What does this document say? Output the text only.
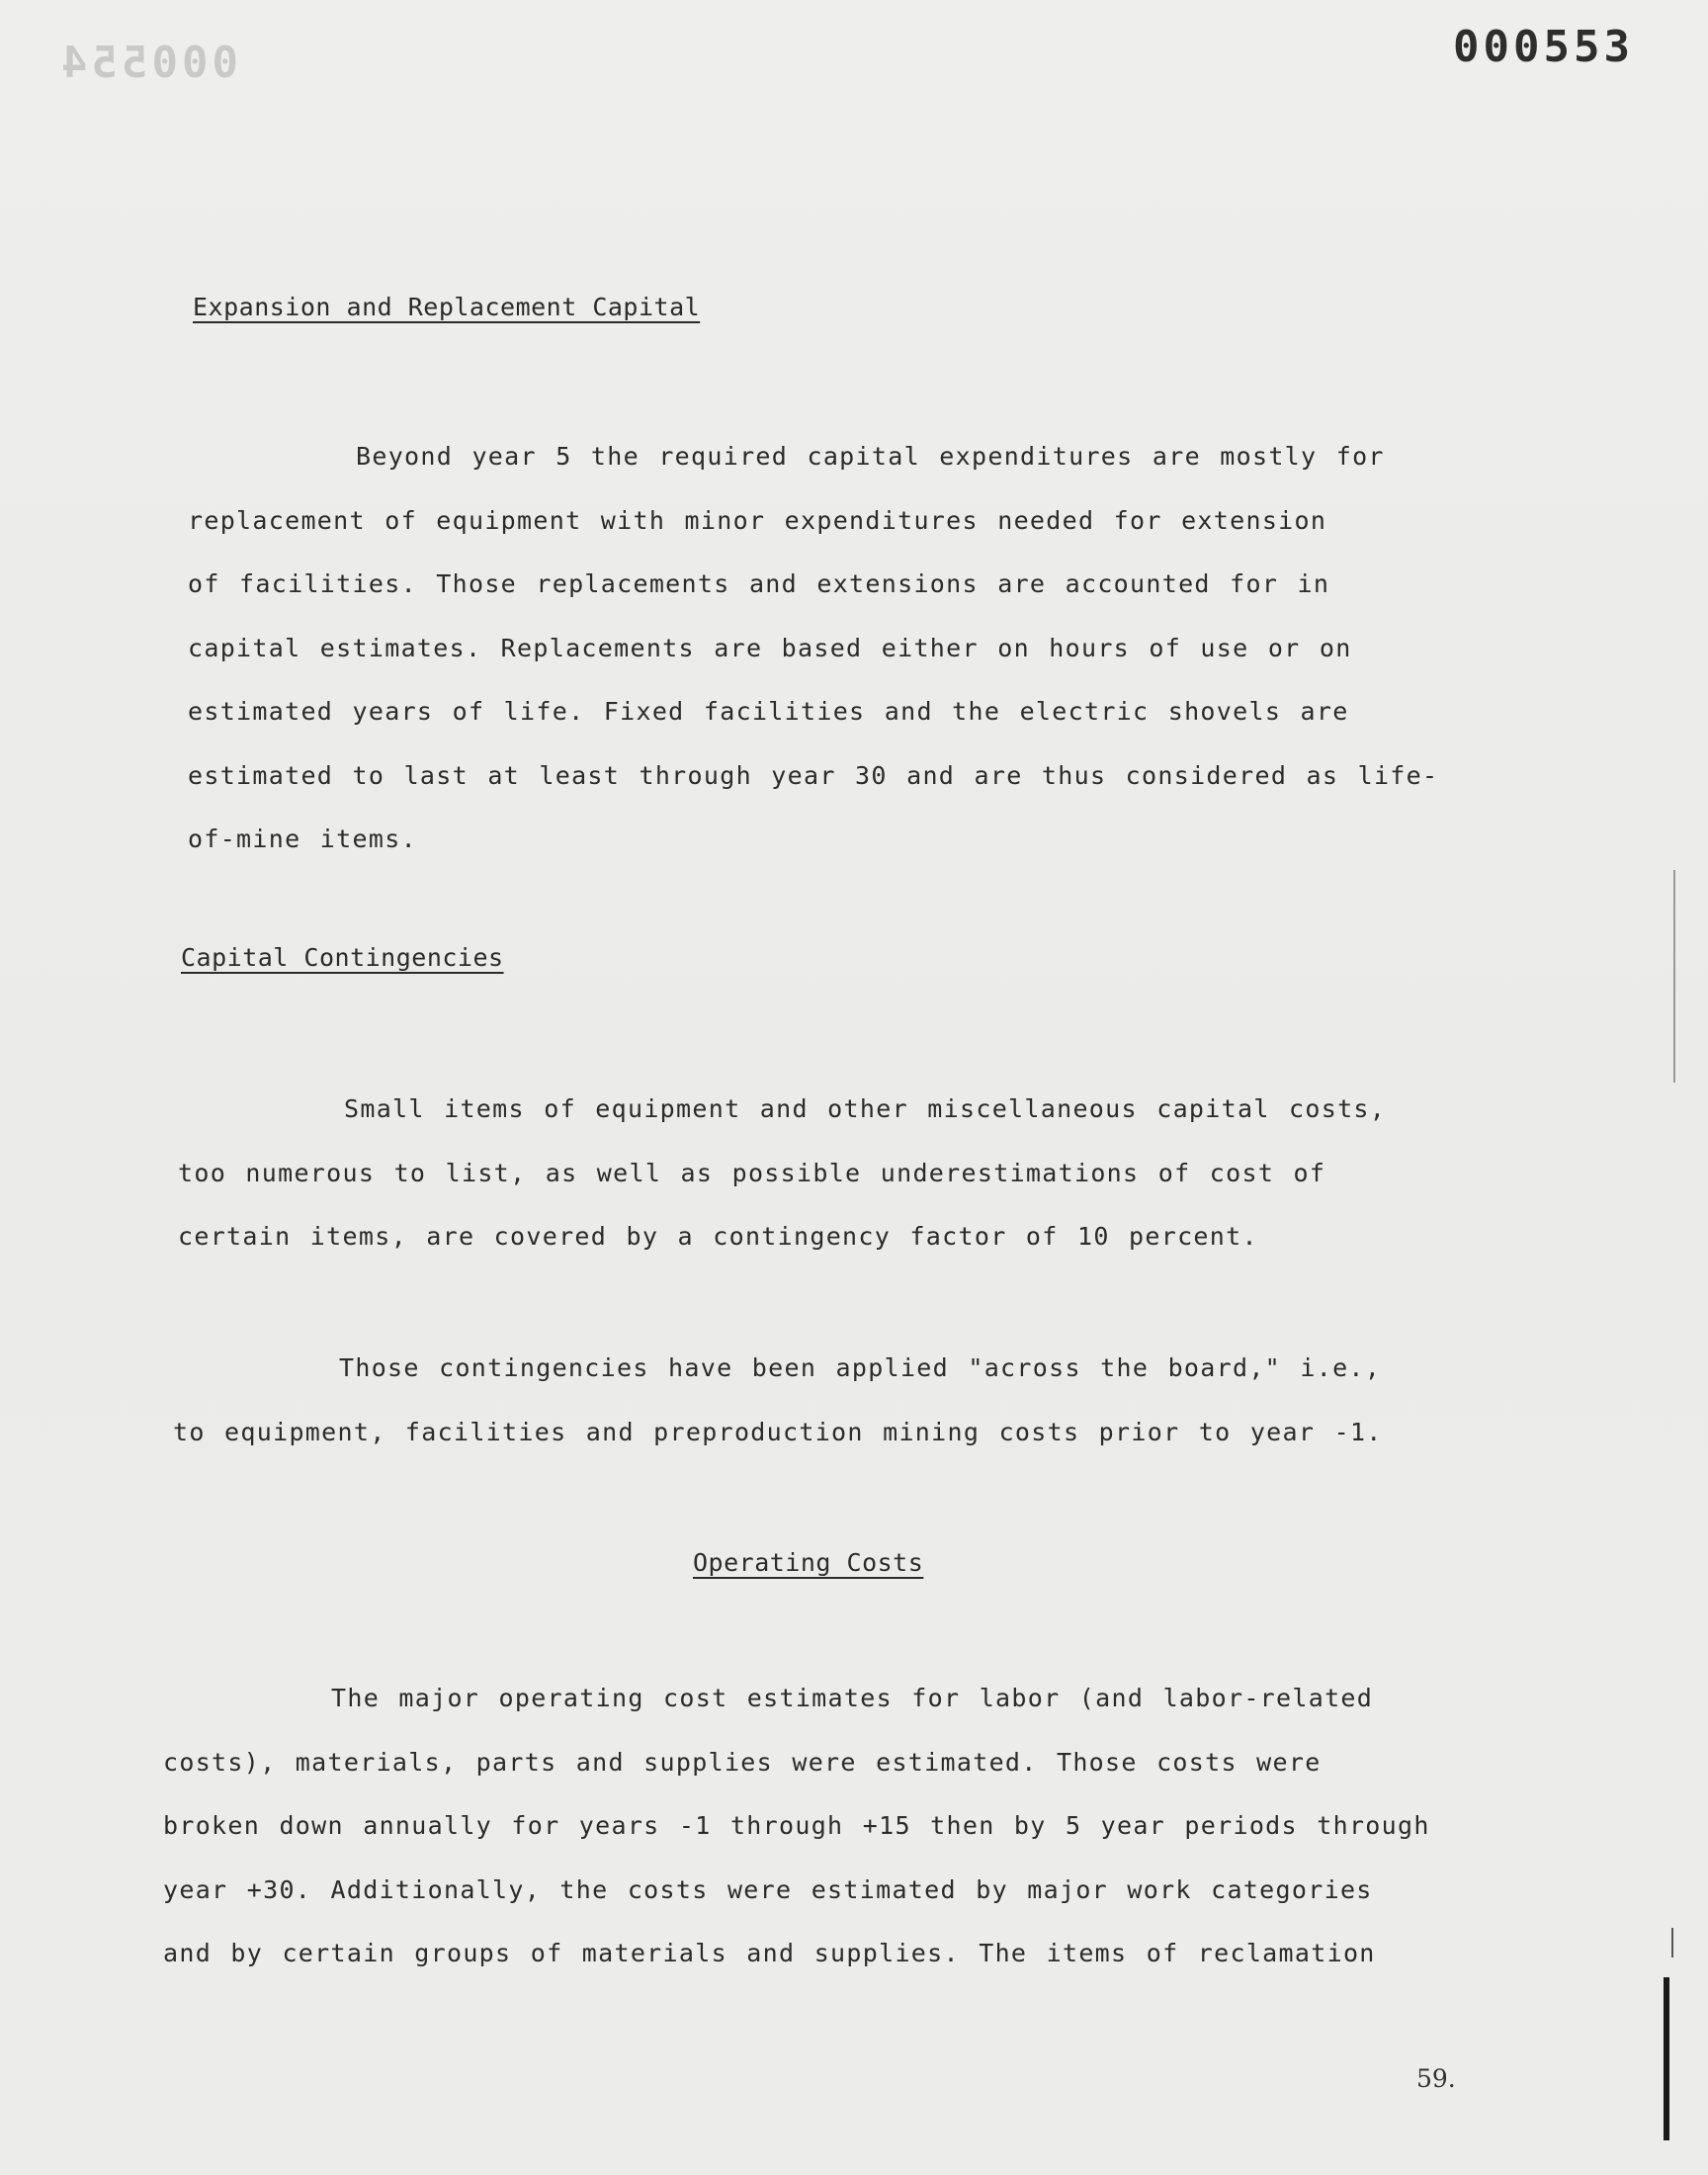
000554	000553
Expansion and Replacement Capital
Beyond year 5 the required capital expenditures are mostly for
replacement of equipment with minor expenditures needed for extension
of facilities. Those replacements and extensions are accounted for in
capital estimates. Replacements are based either on hours of use or on
estimated years of life. Fixed facilities and the electric shovels are
estimated to last at least through year 30 and are thus considered as life-
of-mine items.
Capital Contingencies
Small items of equipment and other miscellaneous capital costs,
too numerous to list, as well as possible underestimations of cost of
certain items, are covered by a contingency factor of 10 percent.
Those contingencies have been applied "across the board," i.e.,
to equipment, facilities and preproduction mining costs prior to year -1.
Operating Costs
The major operating cost estimates for labor (and labor-related
costs), materials, parts and supplies were estimated. Those costs were
broken down annually for years -1 through +15 then by 5 year periods through
year +30. Additionally, the costs were estimated by major work categories
and by certain groups of materials and supplies. The items of reclamation
59.
